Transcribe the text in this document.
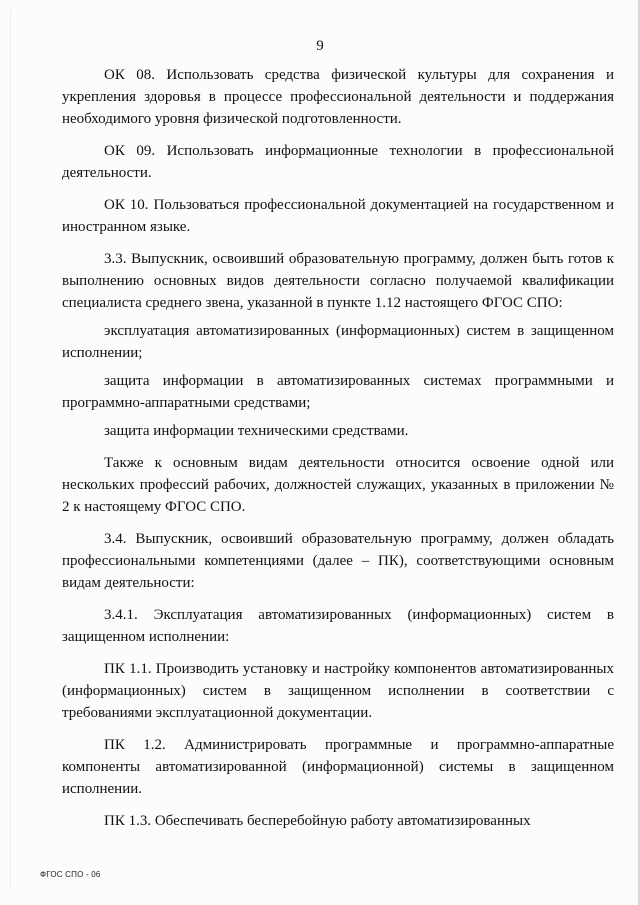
9

ОК 08. Использовать средства физической культуры для сохранения и укрепления здоровья в процессе профессиональной деятельности и поддержания необходимого уровня физической подготовленности.

ОК 09. Использовать информационные технологии в профессиональной деятельности.

ОК 10. Пользоваться профессиональной документацией на государственном и иностранном языке.

3.3. Выпускник, освоивший образовательную программу, должен быть готов к выполнению основных видов деятельности согласно получаемой квалификации специалиста среднего звена, указанной в пункте 1.12 настоящего ФГОС СПО:

эксплуатация автоматизированных (информационных) систем в защищенном исполнении;

защита информации в автоматизированных системах программными и программно-аппаратными средствами;

защита информации техническими средствами.

Также к основным видам деятельности относится освоение одной или нескольких профессий рабочих, должностей служащих, указанных в приложении № 2 к настоящему ФГОС СПО.

3.4. Выпускник, освоивший образовательную программу, должен обладать профессиональными компетенциями (далее – ПК), соответствующими основным видам деятельности:

3.4.1. Эксплуатация автоматизированных (информационных) систем в защищенном исполнении:

ПК 1.1. Производить установку и настройку компонентов автоматизированных (информационных) систем в защищенном исполнении в соответствии с требованиями эксплуатационной документации.

ПК 1.2. Администрировать программные и программно-аппаратные компоненты автоматизированной (информационной) системы в защищенном исполнении.

ПК 1.3. Обеспечивать бесперебойную работу автоматизированных

ФГОС СПО - 06
